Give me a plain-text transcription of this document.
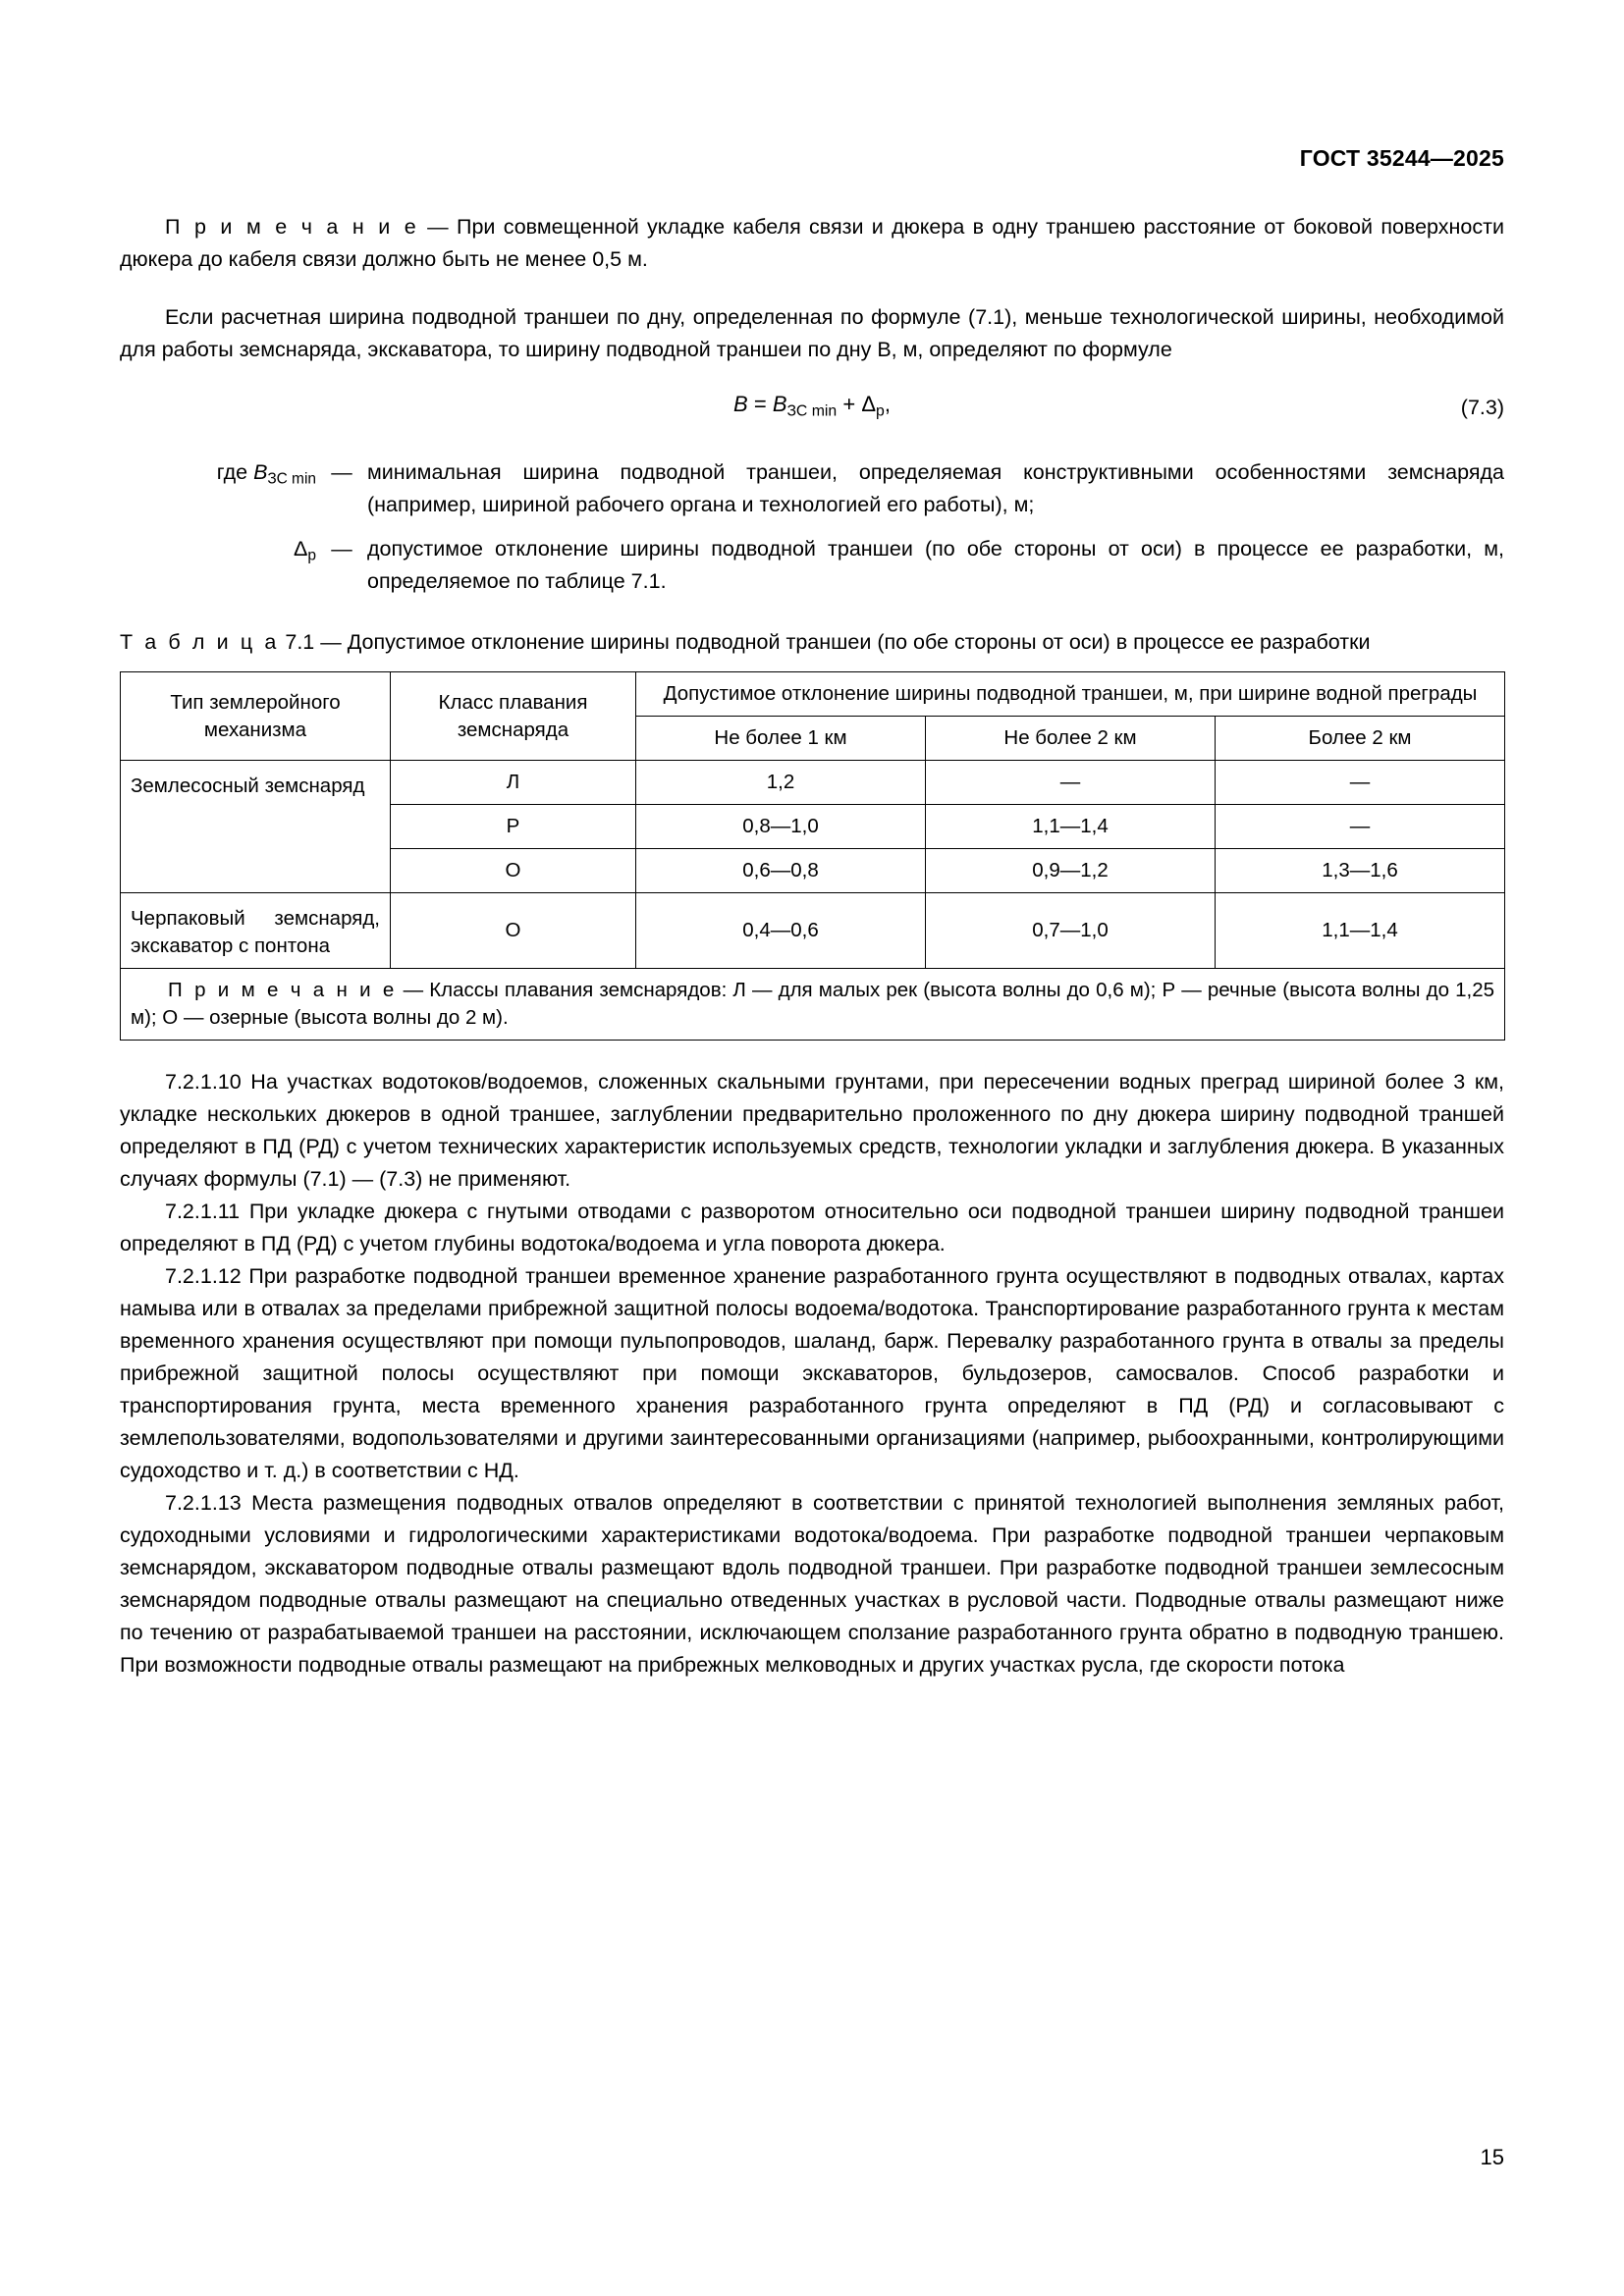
ГОСТ 35244—2025

П р и м е ч а н и е — При совмещенной укладке кабеля связи и дюкера в одну траншею расстояние от боковой поверхности дюкера до кабеля связи должно быть не менее 0,5 м.

Если расчетная ширина подводной траншеи по дну, определенная по формуле (7.1), меньше технологической ширины, необходимой для работы земснаряда, экскаватора, то ширину подводной траншеи по дну B, м, определяют по формуле

$B = B_{ЗС min} + \Delta_р$,	(7.3)
где $B_{ЗС min}$ — минимальная ширина подводной траншеи, определяемая конструктивными особенностями земснаряда (например, шириной рабочего органа и технологией его работы), м;
$\Delta_р$ — допустимое отклонение ширины подводной траншеи (по обе стороны от оси) в процессе ее разработки, м, определяемое по таблице 7.1.
Т а б л и ц а 7.1 — Допустимое отклонение ширины подводной траншеи (по обе стороны от оси) в процессе ее разработки
Тип землеройного механизма	Класс плавания земснаряда	Допустимое отклонение ширины подводной траншеи, м, при ширине водной преграды		
		Не более 1 км	Не более 2 км	Более 2 км
Землесосный земснаряд	Л	1,2	—	—
	Р	0,8—1,0	1,1—1,4	—
	О	0,6—0,8	0,9—1,2	1,3—1,6
Черпаковый земснаряд, экскаватор с понтона	О	0,4—0,6	0,7—1,0	1,1—1,4
П р и м е ч а н и е — Классы плавания земснарядов: Л — для малых рек (высота волны до 0,6 м); Р — речные (высота волны до 1,25 м); О — озерные (высота волны до 2 м).				

7.2.1.10 На участках водотоков/водоемов, сложенных скальными грунтами, при пересечении водных преград шириной более 3 км, укладке нескольких дюкеров в одной траншее, заглублении предварительно проложенного по дну дюкера ширину подводной траншей определяют в ПД (РД) с учетом технических характеристик используемых средств, технологии укладки и заглубления дюкера. В указанных случаях формулы (7.1) — (7.3) не применяют.

7.2.1.11 При укладке дюкера с гнутыми отводами с разворотом относительно оси подводной траншеи ширину подводной траншеи определяют в ПД (РД) с учетом глубины водотока/водоема и угла поворота дюкера.

7.2.1.12 При разработке подводной траншеи временное хранение разработанного грунта осуществляют в подводных отвалах, картах намыва или в отвалах за пределами прибрежной защитной полосы водоема/водотока. Транспортирование разработанного грунта к местам временного хранения осуществляют при помощи пульпопроводов, шаланд, барж. Перевалку разработанного грунта в отвалы за пределы прибрежной защитной полосы осуществляют при помощи экскаваторов, бульдозеров, самосвалов. Способ разработки и транспортирования грунта, места временного хранения разработанного грунта определяют в ПД (РД) и согласовывают с землепользователями, водопользователями и другими заинтересованными организациями (например, рыбоохранными, контролирующими судоходство и т. д.) в соответствии с НД.

7.2.1.13 Места размещения подводных отвалов определяют в соответствии с принятой технологией выполнения земляных работ, судоходными условиями и гидрологическими характеристиками водотока/водоема. При разработке подводной траншеи черпаковым земснарядом, экскаватором подводные отвалы размещают вдоль подводной траншеи. При разработке подводной траншеи землесосным земснарядом подводные отвалы размещают на специально отведенных участках в русловой части. Подводные отвалы размещают ниже по течению от разрабатываемой траншеи на расстоянии, исключающем сползание разработанного грунта обратно в подводную траншею. При возможности подводные отвалы размещают на прибрежных мелководных и других участках русла, где скорости потока

15
